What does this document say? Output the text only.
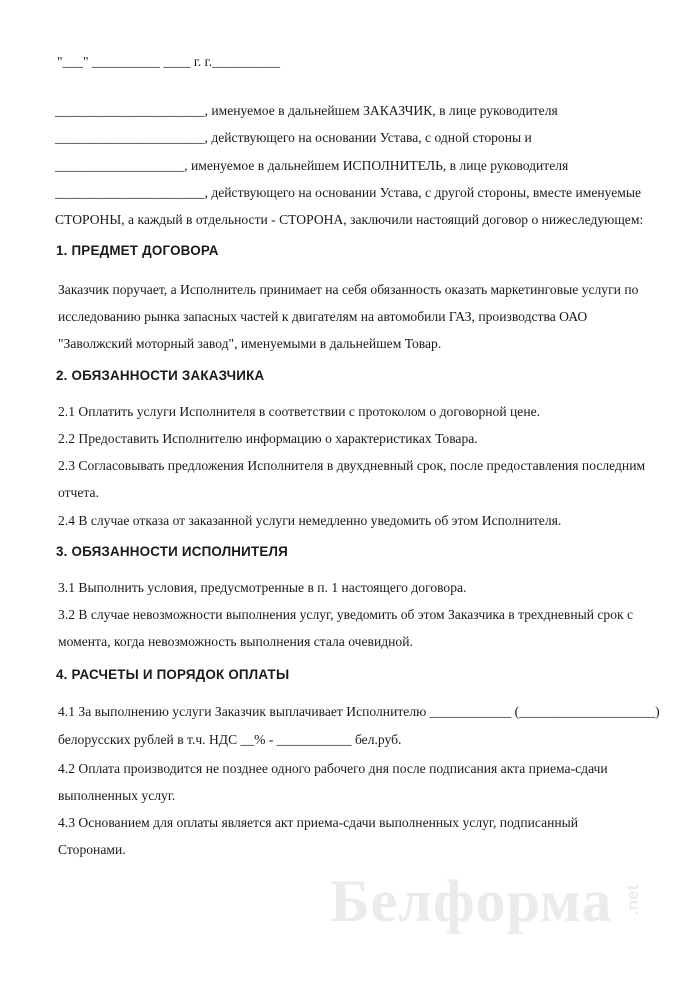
"___" __________ ____ г. г.__________
______________________, именуемое в дальнейшем ЗАКАЗЧИК, в лице руководителя
______________________, действующего на основании Устава, с одной стороны и
___________________, именуемое в дальнейшем ИСПОЛНИТЕЛЬ, в лице руководителя
______________________, действующего на основании Устава, с другой стороны, вместе именуемые
СТОРОНЫ, а каждый в отдельности - СТОРОНА, заключили настоящий договор о нижеследующем:
1. ПРЕДМЕТ ДОГОВОРА
Заказчик поручает, а Исполнитель принимает на себя обязанность оказать маркетинговые услуги по
исследованию рынка запасных частей к двигателям на автомобили ГАЗ, производства ОАО
"Заволжский моторный завод", именуемыми в дальнейшем Товар.
2. ОБЯЗАННОСТИ ЗАКАЗЧИКА
2.1 Оплатить услуги Исполнителя в соответствии с протоколом о договорной цене.
2.2 Предоставить Исполнителю информацию о характеристиках Товара.
2.3 Согласовывать предложения Исполнителя в двухдневный срок, после предоставления последним
отчета.
2.4 В случае отказа от заказанной услуги немедленно уведомить об этом Исполнителя.
3. ОБЯЗАННОСТИ ИСПОЛНИТЕЛЯ
3.1 Выполнить условия, предусмотренные в п. 1 настоящего договора.
3.2 В случае невозможности выполнения услуг, уведомить об этом Заказчика в трехдневный срок с
момента, когда невозможность выполнения стала очевидной.
4. РАСЧЕТЫ И ПОРЯДОК ОПЛАТЫ
4.1 За выполнению услуги Заказчик выплачивает Исполнителю ____________ (____________________)
белорусских рублей в т.ч. НДС __% - ___________ бел.руб.
4.2 Оплата производится не позднее одного рабочего дня после подписания акта приема-сдачи
выполненных услуг.
4.3 Основанием для оплаты является акт приема-сдачи выполненных услуг, подписанный
Сторонами.
Белформа .net
